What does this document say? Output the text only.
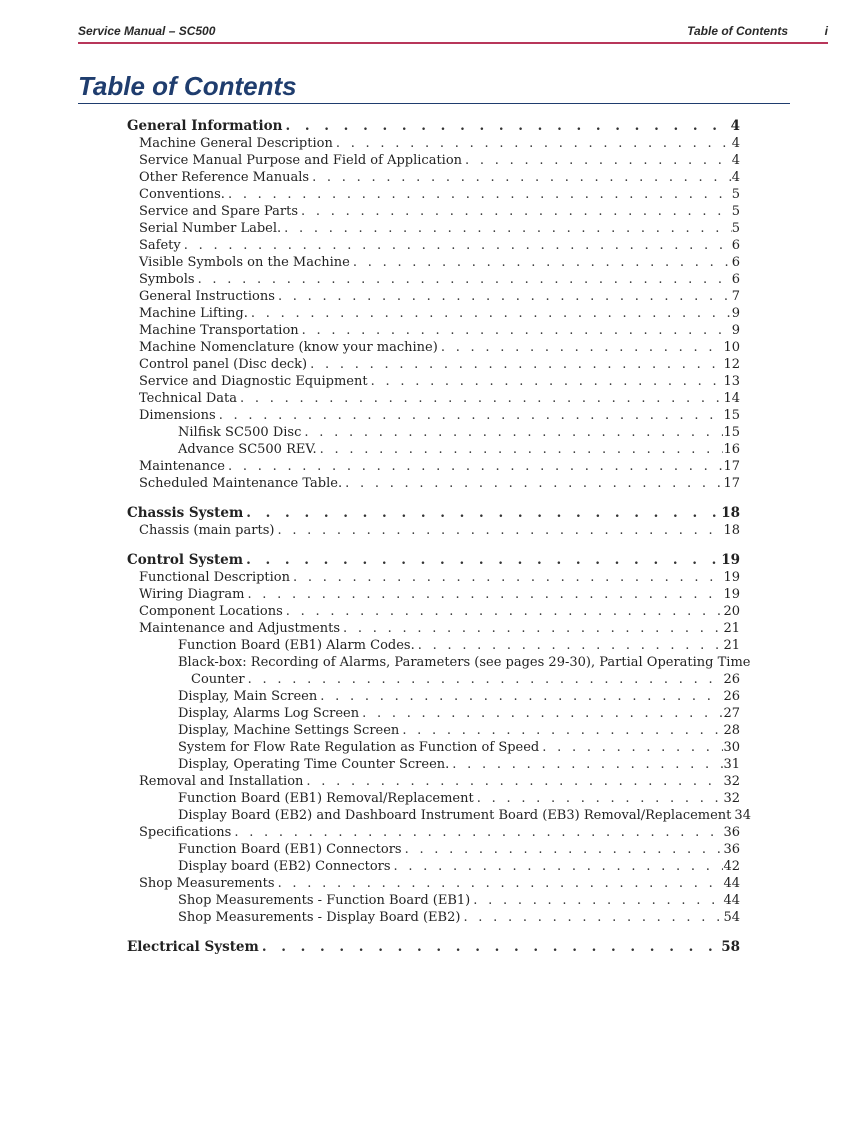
Service Manual – SC500	Table of Contents	i
Table of Contents
General Information . . .	4
Machine General Description . . .	4
Service Manual Purpose and Field of Application . . .	4
Other Reference Manuals . . .	4
Conventions. . . .	5
Service and Spare Parts . . .	5
Serial Number Label. . . .	5
Safety . . .	6
Visible Symbols on the Machine . . .	6
Symbols . . .	6
General Instructions . . .	7
Machine Lifting. . . .	9
Machine Transportation . . .	9
Machine Nomenclature (know your machine) . . .	10
Control panel (Disc deck) . . .	12
Service and Diagnostic Equipment . . .	13
Technical Data . . .	14
Dimensions . . .	15
Nilfisk SC500 Disc . . .	15
Advance SC500 REV. . . .	16
Maintenance . . .	17
Scheduled Maintenance Table. . . .	17
Chassis System . . .	18
Chassis (main parts) . . .	18
Control System . . .	19
Functional Description . . .	19
Wiring Diagram . . .	19
Component Locations . . .	20
Maintenance and Adjustments . . .	21
Function Board (EB1) Alarm Codes. . . .	21
Black-box: Recording of Alarms, Parameters (see pages 29-30), Partial Operating Time
Counter . . .	26
Display, Main Screen . . .	26
Display, Alarms Log Screen . . .	27
Display, Machine Settings Screen . . .	28
System for Flow Rate Regulation as Function of Speed . . .	30
Display, Operating Time Counter Screen. . . .	31
Removal and Installation . . .	32
Function Board (EB1) Removal/Replacement . . .	32
Display Board (EB2) and Dashboard Instrument Board (EB3) Removal/Replacement 34
Specifications . . .	36
Function Board (EB1) Connectors . . .	36
Display board (EB2) Connectors . . .	42
Shop Measurements . . .	44
Shop Measurements - Function Board (EB1) . . .	44
Shop Measurements - Display Board (EB2) . . .	54
Electrical System . . .	58
